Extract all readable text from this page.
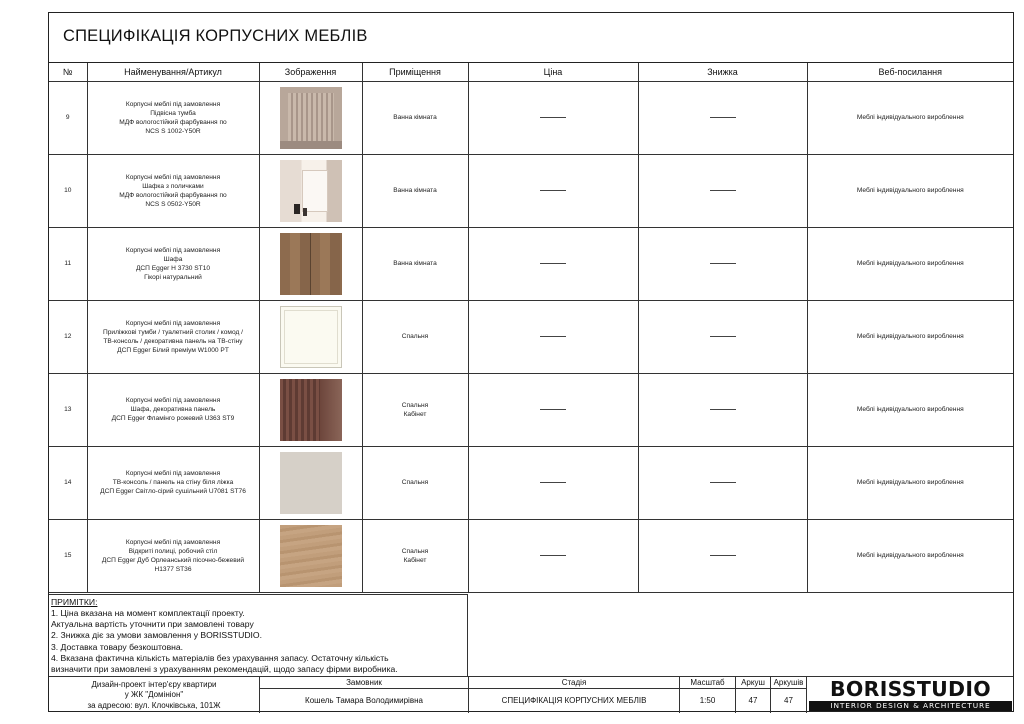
СПЕЦИФІКАЦІЯ КОРПУСНИХ МЕБЛІВ
№	Найменування/Артикул	Зображення	Приміщення	Ціна	Знижка	Веб-посилання
9	Корпусні меблі під замовлення
Підвісна тумба
МДФ вологостійкий фарбування по
NCS S 1002-Y50R		Ванна кімната			Меблі індивідуального вироблення
10	Корпусні меблі під замовлення
Шафка з поличками
МДФ вологостійкий фарбування по
NCS S 0502-Y50R		Ванна кімната			Меблі індивідуального вироблення
11	Корпусні меблі під замовлення
Шафа
ДСП Egger H 3730 ST10
Гікорі натуральний		Ванна кімната			Меблі індивідуального вироблення
12	Корпусні меблі під замовлення
Приліжкові тумби / туалетний столик / комод /
ТВ-консоль / декоративна панель на ТВ-стіну
ДСП Egger Білий преміум W1000 PT		Спальня			Меблі індивідуального вироблення
13	Корпусні меблі під замовлення
Шафа, декоративна панель
ДСП Egger Фламінго рожевий U363 ST9		Спальня
Кабінет			Меблі індивідуального вироблення
14	Корпусні меблі під замовлення
ТВ-консоль / панель на стіну біля ліжка
ДСП Egger Світло-сірий сушільний U7081 ST76		Спальня			Меблі індивідуального вироблення
15	Корпусні меблі під замовлення
Відкриті полиці, робочий стіл
ДСП Egger Дуб Орлеанський пісочно-бежевий
H1377 ST36		Спальня
Кабінет			Меблі індивідуального вироблення
ПРИМІТКИ:
1. Ціна вказана на момент комплектації проекту.
Актуальна вартість уточнити при замовлені товару
2. Знижка діє за умови замовлення у BORISSTUDIO.
3. Доставка товару безкоштовна.
4. Вказана фактична кількість матеріалів без урахування запасу. Остаточну кількість
визначити при замовлені з урахуванням рекомендацій, щодо запасу фірми виробника.
Дизайн-проект інтер'єру квартири
у ЖК "Домініон"
за адресою: вул. Клочківська, 101Ж
Замовник
Кошель Тамара Володимирівна
Стадія
СПЕЦИФІКАЦІЯ КОРПУСНИХ МЕБЛІВ
Масштаб
1:50
Аркуш
47
Аркушів
47	BORISSTUDIO
INTERIOR DESIGN & ARCHITECTURE
